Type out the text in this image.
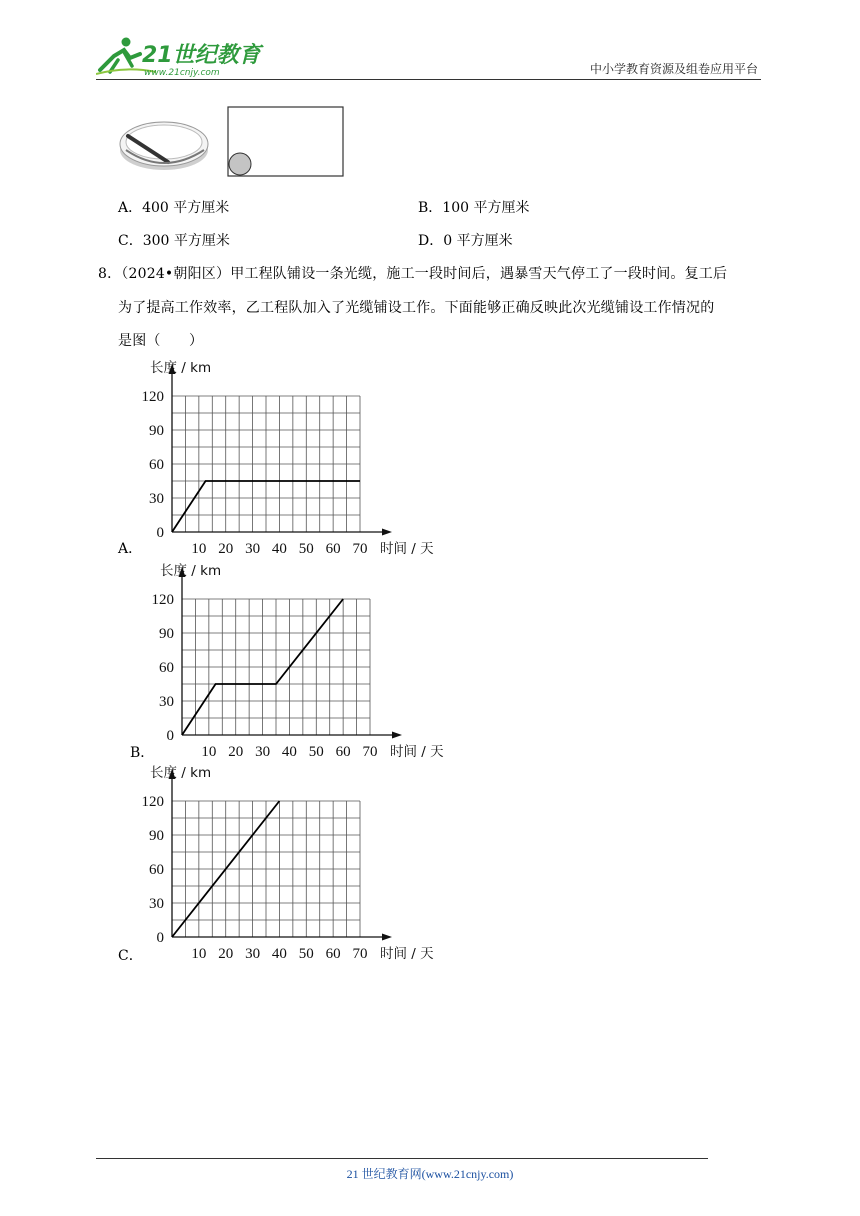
21世纪教育
www.21cnjy.com	中小学教育资源及组卷应用平台
A．400 平方厘米	B．100 平方厘米
C．300 平方厘米	D．0 平方厘米
8．（2024•朝阳区）甲工程队铺设一条光缆，施工一段时间后，遇暴雪天气停工了一段时间。复工后
为了提高工作效率，乙工程队加入了光缆铺设工作。下面能够正确反映此次光缆铺设工作情况的
是图（　　）
0
30
60
90
120
10 20 30 40 50 60 70
长度 / km
时间 / 天
A．
0
30
60
90
120
10 20 30 40 50 60 70
长度 / km
时间 / 天
B．
0
30
60
90
120
10 20 30 40 50 60 70
长度 / km
时间 / 天
C．
21 世纪教育网(www.21cnjy.com)
